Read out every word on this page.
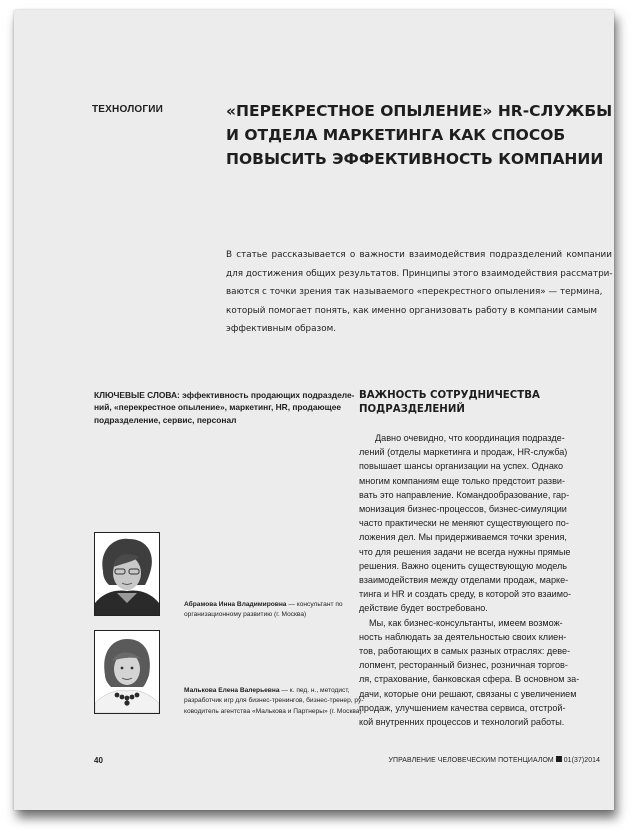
ТЕХНОЛОГИИ	«ПЕРЕКРЕСТНОЕ ОПЫЛЕНИЕ» HR-СЛУЖБЫ
И ОТДЕЛА МАРКЕТИНГА КАК СПОСОБ
ПОВЫСИТЬ ЭФФЕКТИВНОСТЬ КОМПАНИИ
В статье рассказывается о важности взаимодействия подразделений компании
для достижения общих результатов. Принципы этого взаимодействия рассматри-
ваются с точки зрения так называемого «перекрестного опыления» — термина,
который помогает понять, как именно организовать работу в компании самым
эффективным образом.
КЛЮЧЕВЫЕ СЛОВА: эффективность продающих подразделе-
ний, «перекрестное опыление», маркетинг, HR, продающее
подразделение, сервис, персонал
Абрамова Инна Владимировна — консультант по
организационному развитию (г. Москва)
Малькова Елена Валерьевна — к. пед. н., методист,
разработчик игр для бизнес-тренингов, бизнес-тренер, ру-
ководитель агентства «Малькова и Партнеры» (г. Москва)
ВАЖНОСТЬ СОТРУДНИЧЕСТВА
ПОДРАЗДЕЛЕНИЙ
Давно очевидно, что координация подразде-
лений (отделы маркетинга и продаж, HR-служба)
повышает шансы организации на успех. Однако
многим компаниям еще только предстоит разви-
вать это направление. Командообразование, гар-
монизация бизнес-процессов, бизнес-симуляции
часто практически не меняют существующего по-
ложения дел. Мы придерживаемся точки зрения,
что для решения задачи не всегда нужны прямые
решения. Важно оценить существующую модель
взаимодействия между отделами продаж, марке-
тинга и HR и создать среду, в которой это взаимо-
действие будет востребовано.
Мы, как бизнес-консультанты, имеем возмож-
ность наблюдать за деятельностью своих клиен-
тов, работающих в самых разных отраслях: деве-
лопмент, ресторанный бизнес, розничная торгов-
ля, страхование, банковская сфера. В основном за-
дачи, которые они решают, связаны с увеличением
продаж, улучшением качества сервиса, отстрой-
кой внутренних процессов и технологий работы.
40	УПРАВЛЕНИЕ ЧЕЛОВЕЧЕСКИМ ПОТЕНЦИАЛОМ 01(37)2014
